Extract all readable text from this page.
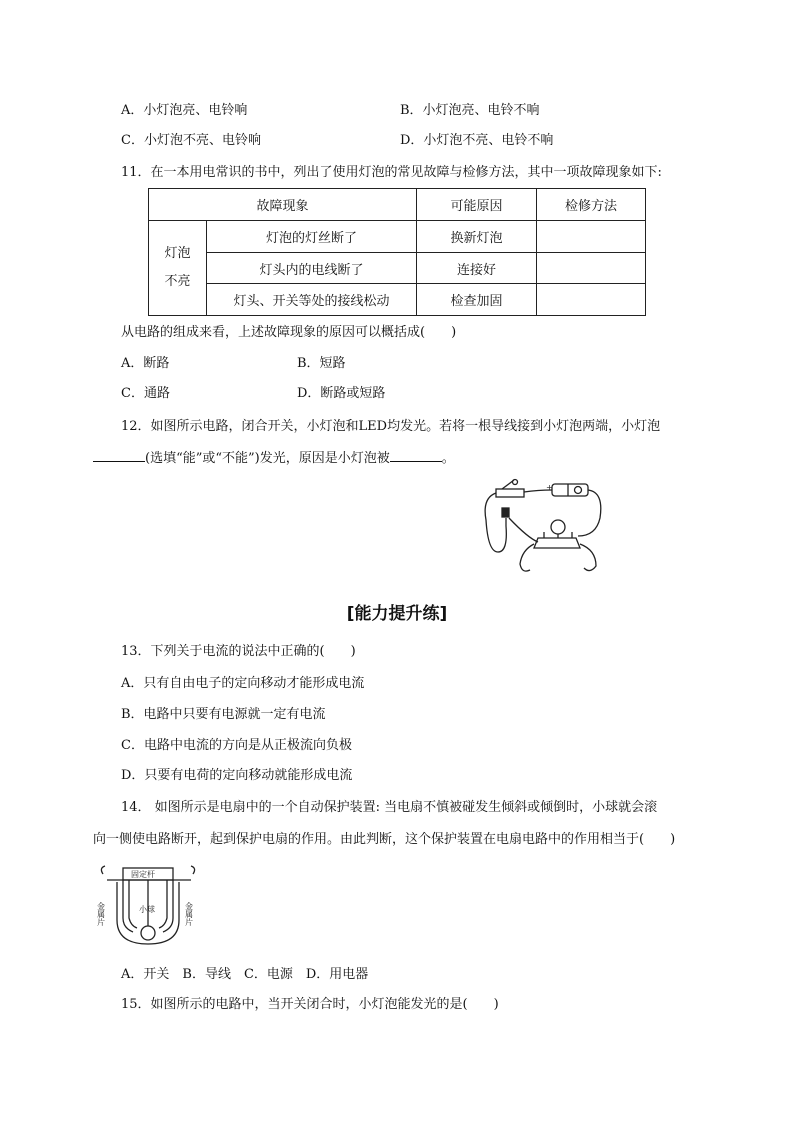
A．小灯泡亮、电铃响	B．小灯泡亮、电铃不响
C．小灯泡不亮、电铃响	D．小灯泡不亮、电铃不响
11．在一本用电常识的书中，列出了使用灯泡的常见故障与检修方法，其中一项故障现象如下:
故障现象		可能原因	检修方法

灯泡
不亮	灯泡的灯丝断了	换新灯泡	
	灯头内的电线断了	连接好	
	灯头、开关等处的接线松动	检查加固	
从电路的组成来看，上述故障现象的原因可以概括成(　　)
A．断路	B．短路
C．通路	D．断路或短路
12．如图所示电路，闭合开关，小灯泡和LED均发光。若将一根导线接到小灯泡两端，小灯泡
(选填“能”或“不能”)发光，原因是小灯泡被	。
+
[能力提升练]
13．下列关于电流的说法中正确的(　　)
A．只有自由电子的定向移动才能形成电流
B．电路中只要有电源就一定有电流
C．电路中电流的方向是从正极流向负极
D．只要有电荷的定向移动就能形成电流
14． 如图所示是电扇中的一个自动保护装置: 当电扇不慎被碰发生倾斜或倾倒时，小球就会滚
向一侧使电路断开，起到保护电扇的作用。由此判断，这个保护装置在电扇电路中的作用相当于(　　)
固定杆
小球
金属片	金属片
A．开关　B．导线　C．电源　D．用电器
15．如图所示的电路中，当开关闭合时，小灯泡能发光的是(　　)
